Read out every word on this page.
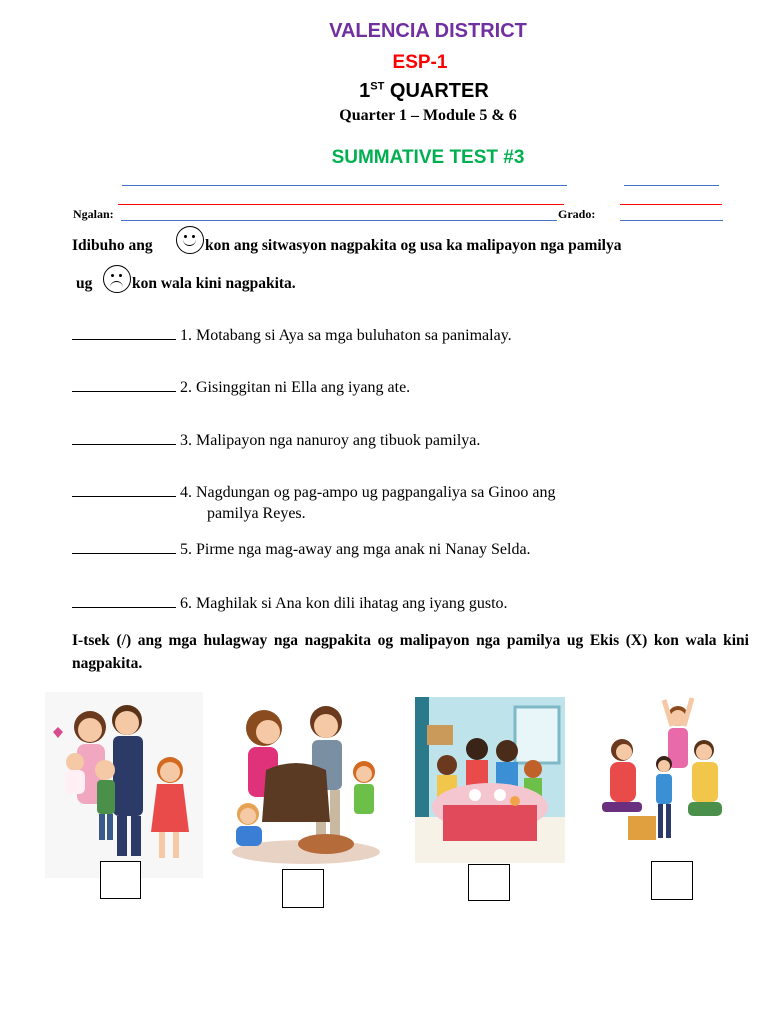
VALENCIA DISTRICT
ESP-1
1ST QUARTER
Quarter 1 – Module 5 & 6
SUMMATIVE TEST #3
Ngalan:	Grado:
Idibuho ang	kon ang sitwasyon nagpakita og usa ka malipayon nga pamilya
ug	kon wala kini nagpakita.
1. Motabang si Aya sa mga buluhaton sa panimalay.
2. Gisinggitan ni Ella ang iyang ate.
3. Malipayon nga nanuroy ang tibuok pamilya.
4. Nagdungan og pag-ampo ug pagpangaliya sa Ginoo ang
pamilya Reyes.
5. Pirme nga mag-away ang mga anak ni Nanay Selda.
6. Maghilak si Ana kon dili ihatag ang iyang gusto.
I-tsek (/) ang mga hulagway nga nagpakita og malipayon nga pamilya ug Ekis (X) kon wala kini nagpakita.
